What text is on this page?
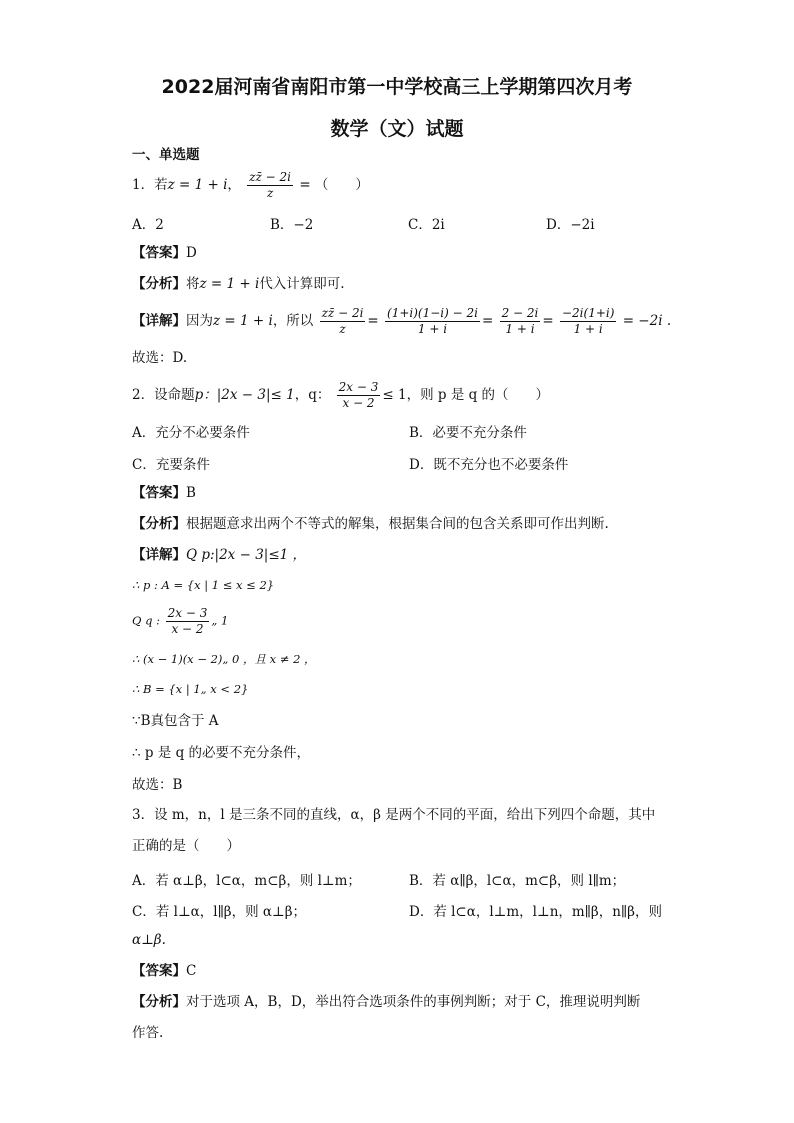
2022届河南省南阳市第一中学校高三上学期第四次月考
数学（文）试题
一、单选题
1．若z = 1 + i， $\frac{zz̄ - 2i}{z}$ = （　　）
A．2	B．−2	C．2i	D．−2i
【答案】D
【分析】将z = 1 + i代入计算即可.
【详解】因为z = 1 + i，所以 $\frac{zz̄ - 2i}{z} = \frac{(1+i)(1-i) - 2i}{1 + i} = \frac{2 - 2i}{1 + i} = \frac{-2i(1+i)}{1 + i} = -2i$ .
故选：D.
2．设命题p：|2x − 3|≤ 1，q： $\frac{2x - 3}{x - 2} \le 1$，则 p 是 q 的（　　）
A．充分不必要条件	B．必要不充分条件
C．充要条件	D．既不充分也不必要条件
【答案】B
【分析】根据题意求出两个不等式的解集，根据集合间的包含关系即可作出判断.
【详解】Q p:|2x − 3|≤1 ，
∴ p : A = {x | 1 ≤ x ≤ 2}
Q q : $\frac{2x - 3}{x - 2}$ „ 1
∴ (x − 1)(x − 2)„ 0 ，且 x ≠ 2 ，
∴ B = {x | 1„ x < 2}
∵B真包含于 A
∴ p 是 q 的必要不充分条件，
故选：B
3．设 m，n，l 是三条不同的直线，α，β 是两个不同的平面，给出下列四个命题，其中
正确的是（　　）
A．若 α⊥β，l⊂α，m⊂β，则 l⊥m；	B．若 α∥β，l⊂α，m⊂β，则 l∥m；
C．若 l⊥α，l∥β，则 α⊥β；	D．若 l⊂α，l⊥m，l⊥n，m∥β，n∥β，则
α⊥β.
【答案】C
【分析】对于选项 A，B，D，举出符合选项条件的事例判断；对于 C，推理说明判断
作答.
